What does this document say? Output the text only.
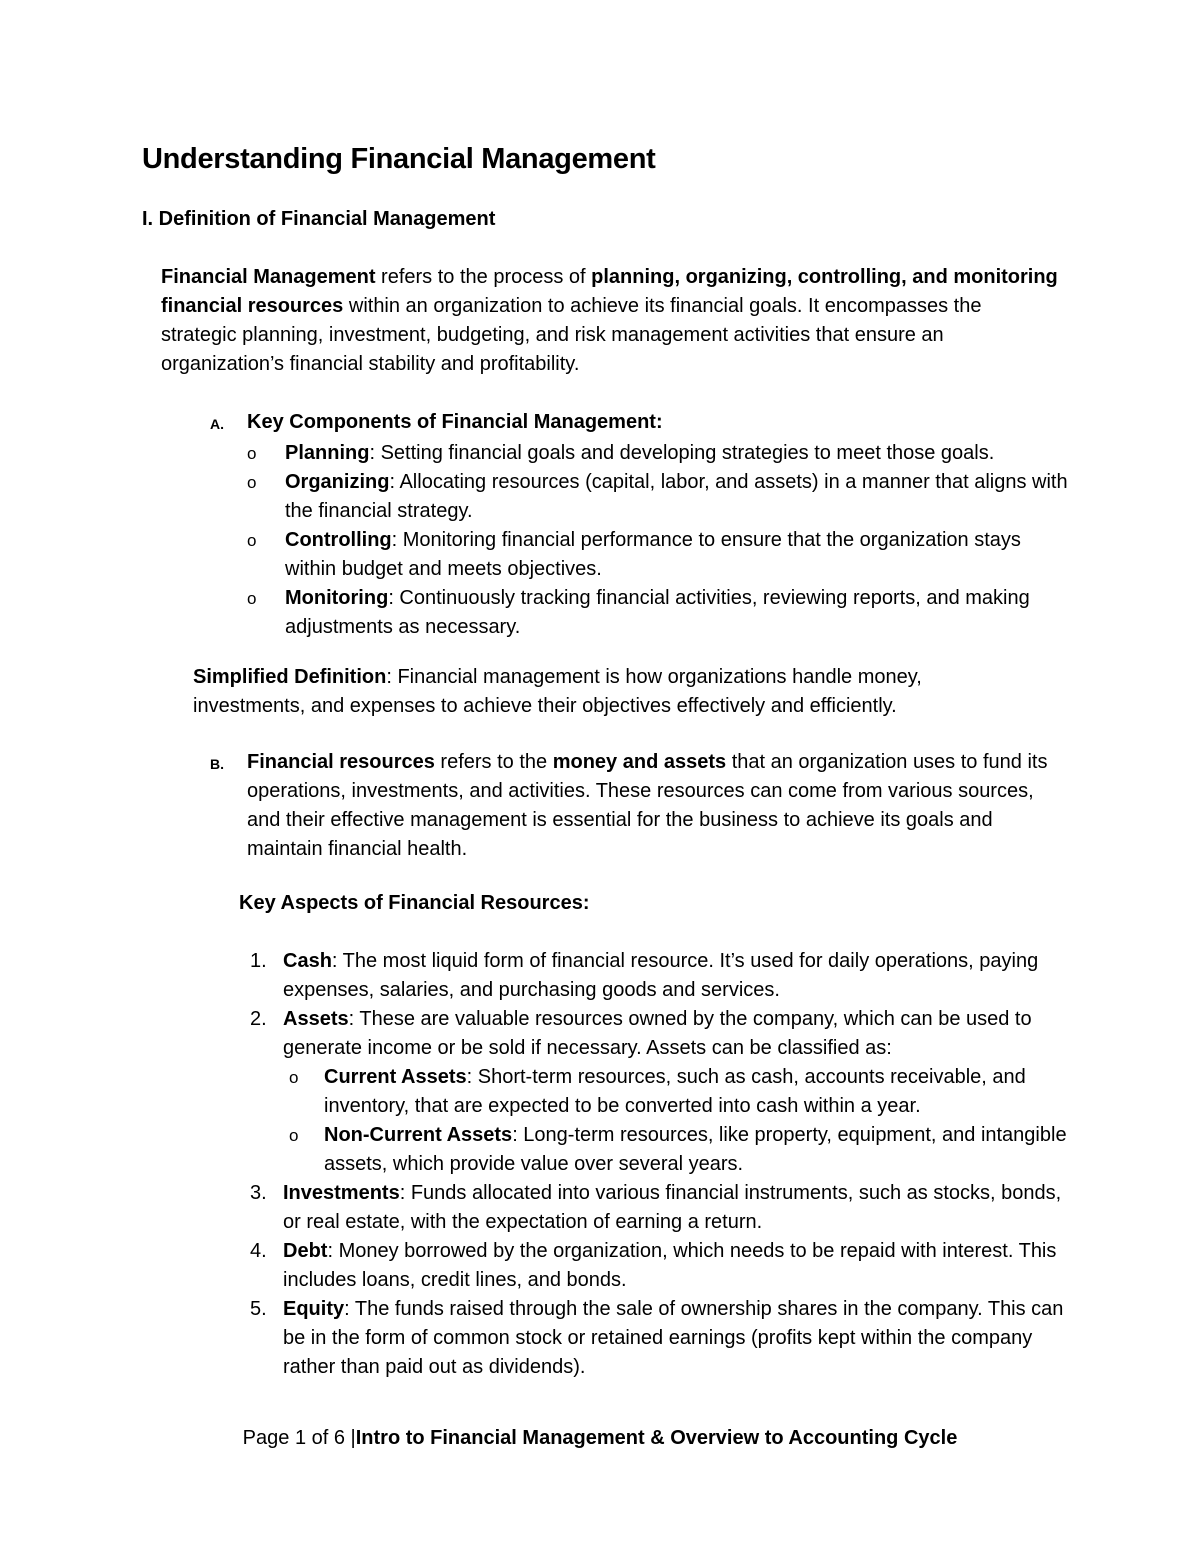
Understanding Financial Management
I. Definition of Financial Management

Financial Management refers to the process of planning, organizing, controlling, and monitoring financial resources within an organization to achieve its financial goals. It encompasses the strategic planning, investment, budgeting, and risk management activities that ensure an organization’s financial stability and profitability.

A.	Key Components of Financial Management:
o	Planning: Setting financial goals and developing strategies to meet those goals.
o	Organizing: Allocating resources (capital, labor, and assets) in a manner that aligns with the financial strategy.
o	Controlling: Monitoring financial performance to ensure that the organization stays within budget and meets objectives.
o	Monitoring: Continuously tracking financial activities, reviewing reports, and making adjustments as necessary.

Simplified Definition: Financial management is how organizations handle money, investments, and expenses to achieve their objectives effectively and efficiently.

B.	Financial resources refers to the money and assets that an organization uses to fund its operations, investments, and activities. These resources can come from various sources, and their effective management is essential for the business to achieve its goals and maintain financial health.
Key Aspects of Financial Resources:
1. Cash: The most liquid form of financial resource. It’s used for daily operations, paying expenses, salaries, and purchasing goods and services.
2. Assets: These are valuable resources owned by the company, which can be used to generate income or be sold if necessary. Assets can be classified as:
o	Current Assets: Short-term resources, such as cash, accounts receivable, and inventory, that are expected to be converted into cash within a year.
o	Non-Current Assets: Long-term resources, like property, equipment, and intangible assets, which provide value over several years.
3. Investments: Funds allocated into various financial instruments, such as stocks, bonds, or real estate, with the expectation of earning a return.
4. Debt: Money borrowed by the organization, which needs to be repaid with interest. This includes loans, credit lines, and bonds.
5. Equity: The funds raised through the sale of ownership shares in the company. This can be in the form of common stock or retained earnings (profits kept within the company rather than paid out as dividends).

Page 1 of 6 |Intro to Financial Management & Overview to Accounting Cycle
